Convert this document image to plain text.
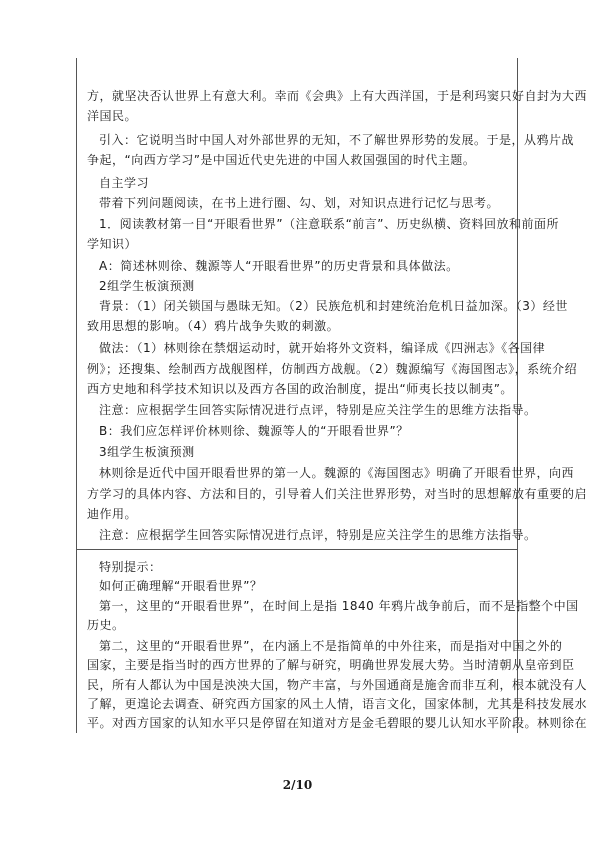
方，就坚决否认世界上有意大利。幸而《会典》上有大西洋国，于是利玛窦只好自封为大西

洋国民。

引入：它说明当时中国人对外部世界的无知，不了解世界形势的发展。于是，从鸦片战

争起，“向西方学习”是中国近代史先进的中国人救国强国的时代主题。

自主学习

带着下列问题阅读，在书上进行圈、勾、划，对知识点进行记忆与思考。

1．阅读教材第一目“开眼看世界”（注意联系“前言”、历史纵横、资料回放和前面所

学知识）

A：简述林则徐、魏源等人“开眼看世界”的历史背景和具体做法。

2组学生板演预测

背景：（1）闭关锁国与愚昧无知。（2）民族危机和封建统治危机日益加深。（3）经世

致用思想的影响。（4）鸦片战争失败的刺激。

做法：（1）林则徐在禁烟运动时，就开始将外文资料，编译成《四洲志》《各国律

例》；还搜集、绘制西方战舰图样，仿制西方战舰。（2）魏源编写《海国图志》，系统介绍

西方史地和科学技术知识以及西方各国的政治制度，提出“师夷长技以制夷”。

注意：应根据学生回答实际情况进行点评，特别是应关注学生的思维方法指导。

B：我们应怎样评价林则徐、魏源等人的“开眼看世界”？

3组学生板演预测

林则徐是近代中国开眼看世界的第一人。魏源的《海国图志》明确了开眼看世界，向西

方学习的具体内容、方法和目的，引导着人们关注世界形势，对当时的思想解放有重要的启

迪作用。

注意：应根据学生回答实际情况进行点评，特别是应关注学生的思维方法指导。

特别提示：

如何正确理解“开眼看世界”？

第一，这里的“开眼看世界”，在时间上是指 1840 年鸦片战争前后，而不是指整个中国

历史。

第二，这里的“开眼看世界”，在内涵上不是指简单的中外往来，而是指对中国之外的

国家，主要是指当时的西方世界的了解与研究，明确世界发展大势。当时清朝从皇帝到臣

民，所有人都认为中国是泱泱大国，物产丰富，与外国通商是施舍而非互利，根本就没有人

了解，更遑论去调查、研究西方国家的风土人情，语言文化，国家体制，尤其是科技发展水

平。对西方国家的认知水平只是停留在知道对方是金毛碧眼的婴儿认知水平阶段。林则徐在

2/10
